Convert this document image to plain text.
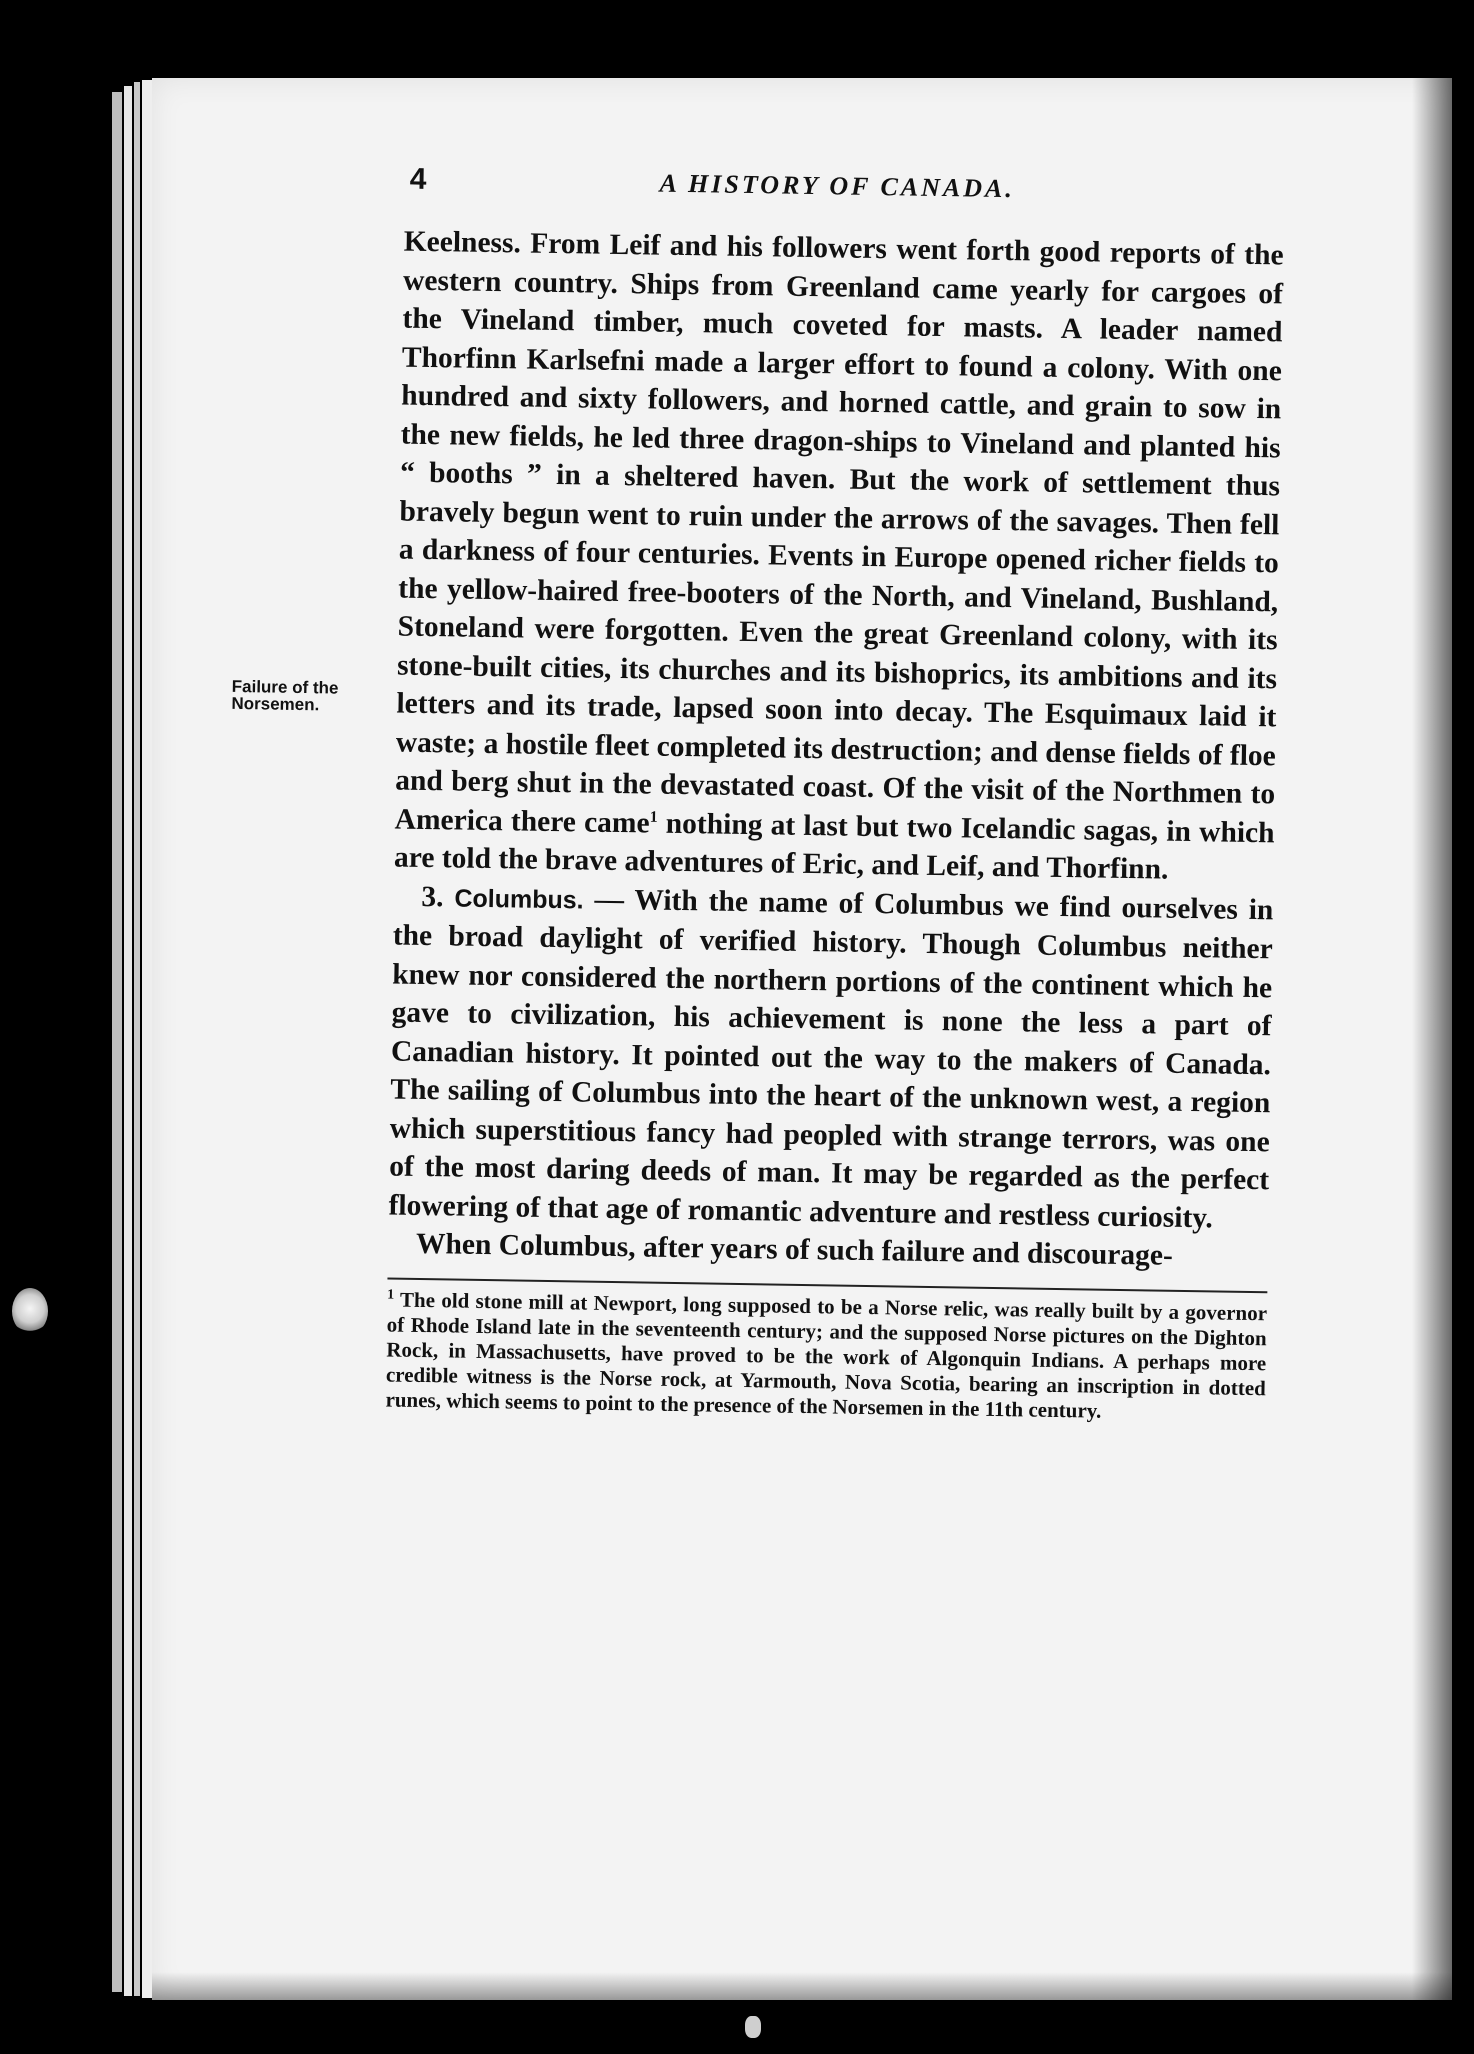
4	A HISTORY OF CANADA.
Failure of the
Norsemen.

Keelness. From Leif and his followers went forth good reports of the western country. Ships from Greenland came yearly for cargoes of the Vineland timber, much coveted for masts. A leader named Thorfinn Karlsefni made a larger effort to found a colony. With one hundred and sixty followers, and horned cattle, and grain to sow in the new fields, he led three dragon-ships to Vineland and planted his “ booths ” in a sheltered haven. But the work of settlement thus bravely begun went to ruin under the arrows of the savages. Then fell a darkness of four centuries. Events in Europe opened richer fields to the yellow-haired free-booters of the North, and Vineland, Bushland, Stoneland were forgotten. Even the great Greenland colony, with its stone-built cities, its churches and its bishoprics, its ambitions and its letters and its trade, lapsed soon into decay. The Esquimaux laid it waste; a hostile fleet completed its destruction; and dense fields of floe and berg shut in the devastated coast. Of the visit of the Northmen to America there came$^1$ nothing at last but two Icelandic sagas, in which are told the brave adventures of Eric, and Leif, and Thorfinn.

3. Columbus. — With the name of Columbus we find ourselves in the broad daylight of verified history. Though Columbus neither knew nor considered the northern portions of the continent which he gave to civilization, his achievement is none the less a part of Canadian history. It pointed out the way to the makers of Canada. The sailing of Columbus into the heart of the unknown west, a region which superstitious fancy had peopled with strange terrors, was one of the most daring deeds of man. It may be regarded as the perfect flowering of that age of romantic adventure and restless curiosity.

When Columbus, after years of such failure and discourage-

$^1$ The old stone mill at Newport, long supposed to be a Norse relic, was really built by a governor of Rhode Island late in the seventeenth century; and the supposed Norse pictures on the Dighton Rock, in Massachusetts, have proved to be the work of Algonquin Indians. A perhaps more credible witness is the Norse rock, at Yarmouth, Nova Scotia, bearing an inscription in dotted runes, which seems to point to the presence of the Norsemen in the 11th century.
